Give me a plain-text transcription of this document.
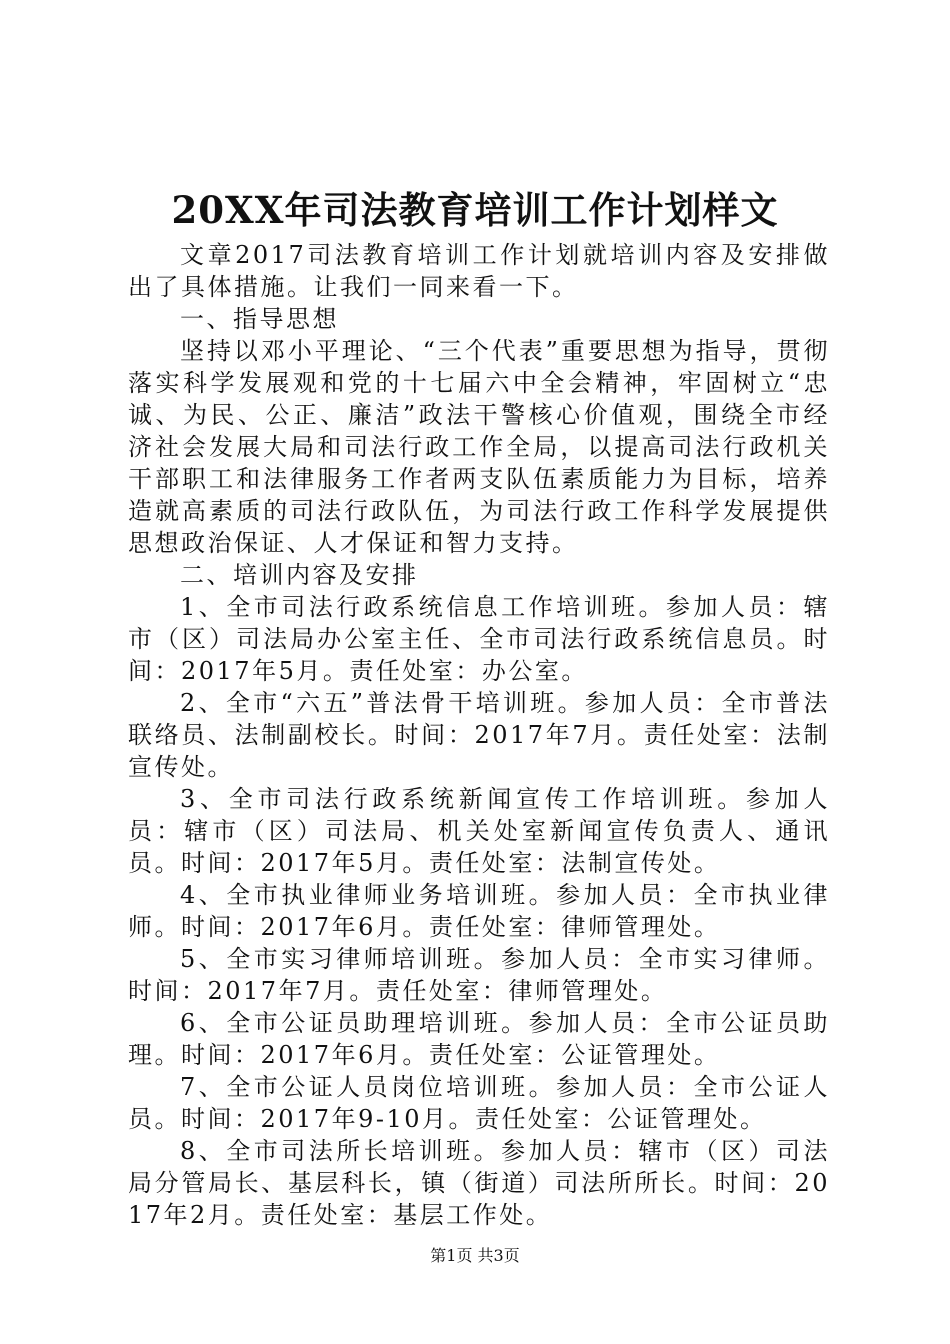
20XX年司法教育培训工作计划样文

文章2017司法教育培训工作计划就培训内容及安排做出了具体措施。让我们一同来看一下。

一、指导思想

坚持以邓小平理论、“三个代表”重要思想为指导，贯彻落实科学发展观和党的十七届六中全会精神，牢固树立“忠诚、为民、公正、廉洁”政法干警核心价值观，围绕全市经济社会发展大局和司法行政工作全局，以提高司法行政机关干部职工和法律服务工作者两支队伍素质能力为目标，培养造就高素质的司法行政队伍，为司法行政工作科学发展提供思想政治保证、人才保证和智力支持。

二、培训内容及安排

1、全市司法行政系统信息工作培训班。参加人员：辖市（区）司法局办公室主任、全市司法行政系统信息员。时间：2017年5月。责任处室：办公室。

2、全市“六五”普法骨干培训班。参加人员：全市普法联络员、法制副校长。时间：2017年7月。责任处室：法制宣传处。

3、全市司法行政系统新闻宣传工作培训班。参加人员：辖市（区）司法局、机关处室新闻宣传负责人、通讯员。时间：2017年5月。责任处室：法制宣传处。

4、全市执业律师业务培训班。参加人员：全市执业律师。时间：2017年6月。责任处室：律师管理处。

5、全市实习律师培训班。参加人员：全市实习律师。时间：2017年7月。责任处室：律师管理处。

6、全市公证员助理培训班。参加人员：全市公证员助理。时间：2017年6月。责任处室：公证管理处。

7、全市公证人员岗位培训班。参加人员：全市公证人员。时间：2017年9-10月。责任处室：公证管理处。

8、全市司法所长培训班。参加人员：辖市（区）司法局分管局长、基层科长，镇（街道）司法所所长。时间：2017年2月。责任处室：基层工作处。

第1页 共3页
